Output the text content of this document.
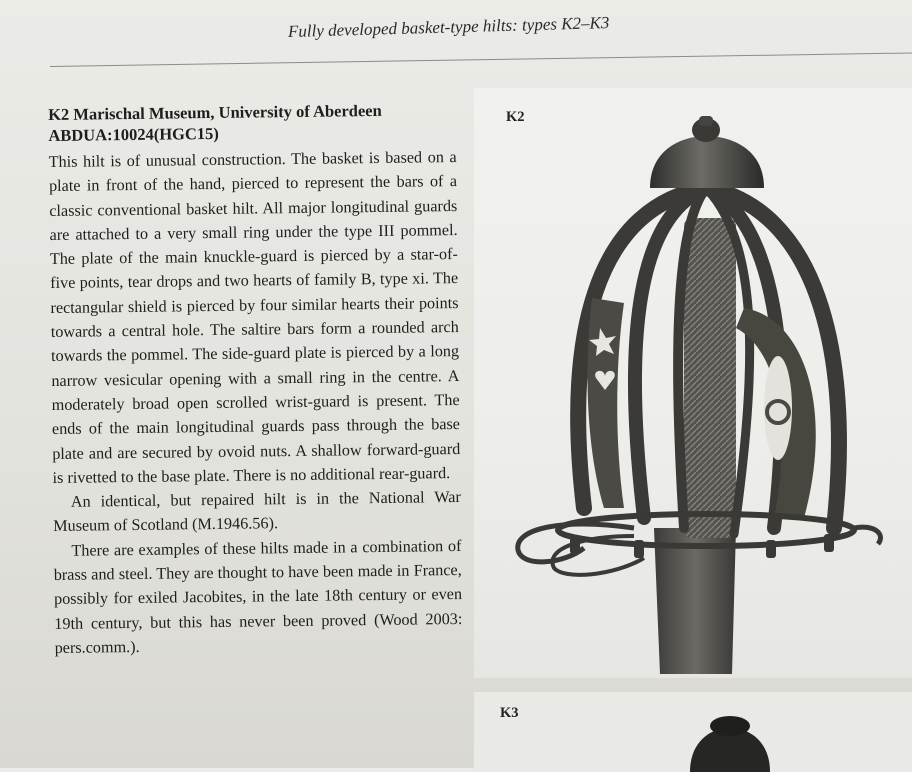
Fully developed basket-type hilts: types K2–K3
K2 Marischal Museum, University of Aberdeen ABDUA:10024(HGC15)

This hilt is of unusual construction. The basket is based on a plate in front of the hand, pierced to represent the bars of a classic conventional basket hilt. All major longitudinal guards are attached to a very small ring under the type III pommel. The plate of the main knuckle-guard is pierced by a star-of-five points, tear drops and two hearts of family B, type xi. The rectangular shield is pierced by four similar hearts their points towards a central hole. The saltire bars form a rounded arch towards the pommel. The side-guard plate is pierced by a long narrow vesicular opening with a small ring in the centre. A moderately broad open scrolled wrist-guard is present. The ends of the main longitudinal guards pass through the base plate and are secured by ovoid nuts. A shallow forward-guard is rivetted to the base plate. There is no additional rear-guard.

An identical, but repaired hilt is in the National War Museum of Scotland (M.1946.56).

There are examples of these hilts made in a combination of brass and steel. They are thought to have been made in France, possibly for exiled Jacobites, in the late 18th century or even 19th century, but this has never been proved (Wood 2003: pers.comm.).

K2
K3
